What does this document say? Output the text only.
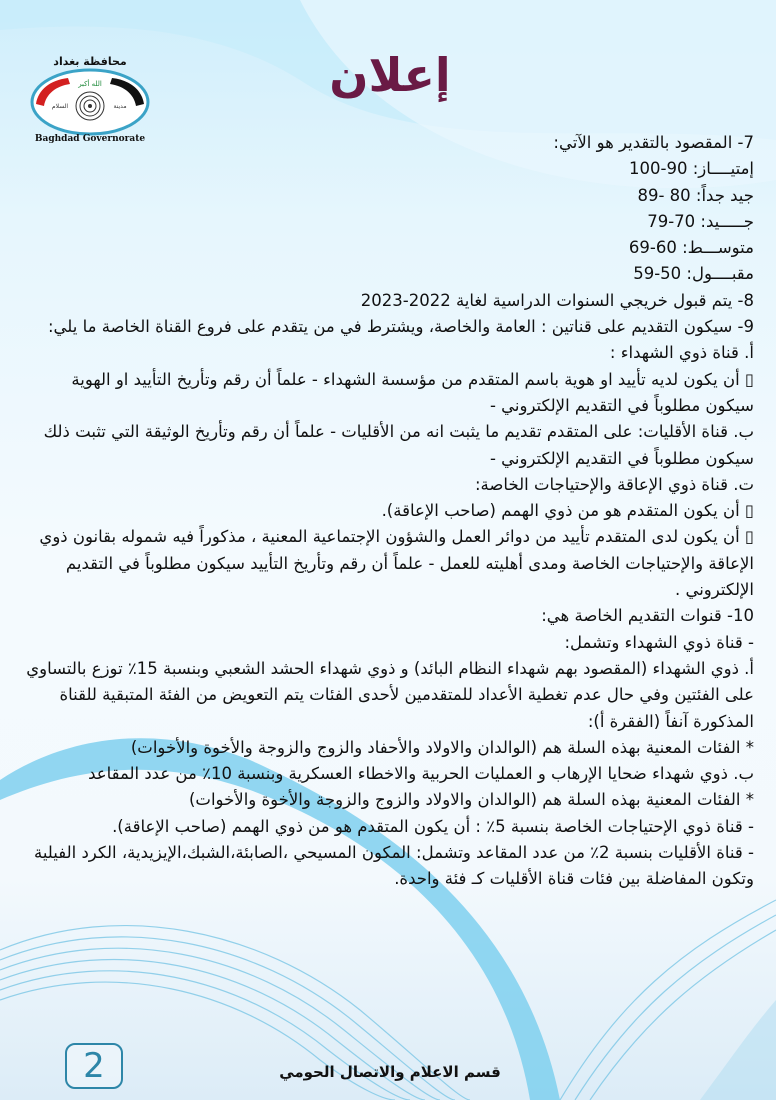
محافظة بغداد
الله أكبر
السلام	مدينة
Baghdad Governorate
إعلان
7- المقصود بالتقدير هو الآتي:
إمتيــــاز: 90-100
جيد جداً: 80 -89
جـــــيد: 70-79
متوســـط: 60-69
مقبــــول: 50-59
8- يتم قبول خريجي السنوات الدراسية لغاية 2022-2023
9- سيكون التقديم على قناتين : العامة والخاصة، ويشترط في من يتقدم على فروع القناة الخاصة ما يلي:
أ. قناة ذوي الشهداء :
▯ أن يكون لديه تأييد او هوية باسم المتقدم من مؤسسة الشهداء - علماً أن رقم وتأريخ التأييد او الهوية سيكون مطلوباً في التقديم الإلكتروني -
ب. قناة الأقليات: على المتقدم تقديم ما يثبت انه من الأقليات - علماً أن رقم وتأريخ الوثيقة التي تثبت ذلك سيكون مطلوباً في التقديم الإلكتروني -
ت. قناة ذوي الإعاقة والإحتياجات الخاصة:
▯ أن يكون المتقدم هو من ذوي الهمم (صاحب الإعاقة).
▯ أن يكون لدى المتقدم تأييد من دوائر العمل والشؤون الإجتماعية المعنية ، مذكوراً فيه شموله بقانون ذوي الإعاقة والإحتياجات الخاصة ومدى أهليته للعمل - علماً أن رقم وتأريخ التأييد سيكون مطلوباً في التقديم الإلكتروني .
10- قنوات التقديم الخاصة هي:
- قناة ذوي الشهداء وتشمل:
أ. ذوي الشهداء (المقصود بهم شهداء النظام البائد) و ذوي شهداء الحشد الشعبي وبنسبة 15٪ توزع بالتساوي على الفئتين وفي حال عدم تغطية الأعداد للمتقدمين لأحدى الفئات يتم التعويض من الفئة المتبقية للقناة المذكورة آنفاً (الفقرة أ):
* الفئات المعنية بهذه السلة هم (الوالدان والاولاد والأحفاد والزوج والزوجة والأخوة والأخوات)
ب. ذوي شهداء ضحايا الإرهاب و العمليات الحربية والاخطاء العسكرية وبنسبة 10٪ من عدد المقاعد
* الفئات المعنية بهذه السلة هم (الوالدان والاولاد والزوج والزوجة والأخوة والأخوات)
- قناة ذوي الإحتياجات الخاصة بنسبة 5٪ : أن يكون المتقدم هو من ذوي الهمم (صاحب الإعاقة).
- قناة الأقليات بنسبة 2٪ من عدد المقاعد وتشمل: المكون المسيحي ،الصابئة،الشبك،الإيزيدية، الكرد الفيلية وتكون المفاضلة بين فئات قناة الأقليات كـ فئة واحدة.
2	قسم الاعلام والاتصال الحومي
